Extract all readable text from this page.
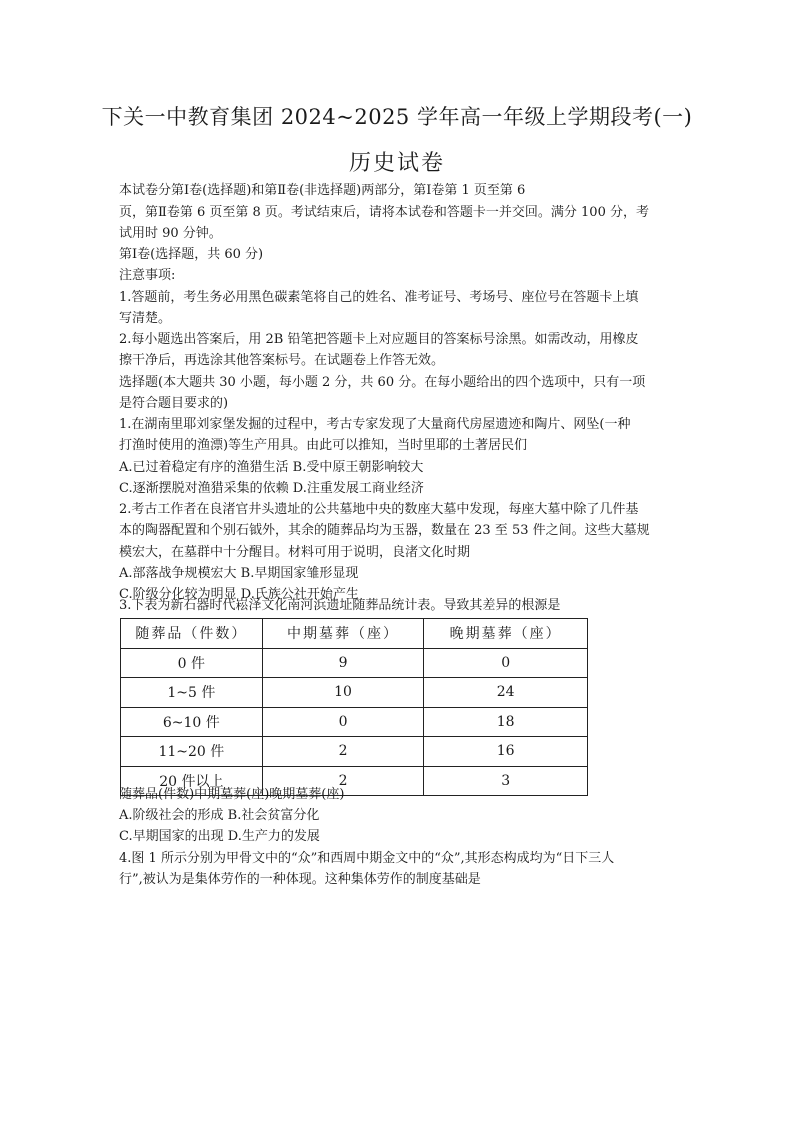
下关一中教育集团 2024~2025 学年高一年级上学期段考(一)
历史试卷
本试卷分第Ⅰ卷(选择题)和第Ⅱ卷(非选择题)两部分，第Ⅰ卷第 1 页至第 6
页，第Ⅱ卷第 6 页至第 8 页。考试结束后，请将本试卷和答题卡一并交回。满分 100 分，考
试用时 90 分钟。
第Ⅰ卷(选择题，共 60 分)
注意事项:
1.答题前，考生务必用黑色碳素笔将自己的姓名、准考证号、考场号、座位号在答题卡上填
写清楚。
2.每小题选出答案后，用 2B 铅笔把答题卡上对应题目的答案标号涂黑。如需改动，用橡皮
擦干净后，再选涂其他答案标号。在试题卷上作答无效。
选择题(本大题共 30 小题，每小题 2 分，共 60 分。在每小题给出的四个选项中，只有一项
是符合题目要求的)
1.在湖南里耶刘家堡发掘的过程中，考古专家发现了大量商代房屋遗迹和陶片、网坠(一种
打渔时使用的渔漂)等生产用具。由此可以推知，当时里耶的土著居民们
A.已过着稳定有序的渔猎生活 B.受中原王朝影响较大
C.逐渐摆脱对渔猎采集的依赖 D.注重发展工商业经济
2.考古工作者在良渚官井头遗址的公共墓地中央的数座大墓中发现，每座大墓中除了几件基
本的陶器配置和个别石钺外，其余的随葬品均为玉器，数量在 23 至 53 件之间。这些大墓规
模宏大，在墓群中十分醒目。材料可用于说明，良渚文化时期
A.部落战争规模宏大 B.早期国家雏形显现
C.阶级分化较为明显 D.氏族公社开始产生
3.下表为新石器时代崧泽文化南河浜遗址随葬品统计表。导致其差异的根源是
随葬品（件数）	中期墓葬（座）	晚期墓葬（座）
0 件	9	0
1~5 件	10	24
6~10 件	0	18
11~20 件	2	16
20 件以上	2	3
随葬品(件数)中期墓葬(座)晚期墓葬(座)
A.阶级社会的形成 B.社会贫富分化
C.早期国家的出现 D.生产力的发展
4.图 1 所示分别为甲骨文中的“众”和西周中期金文中的“众”,其形态构成均为“日下三人
行”,被认为是集体劳作的一种体现。这种集体劳作的制度基础是
